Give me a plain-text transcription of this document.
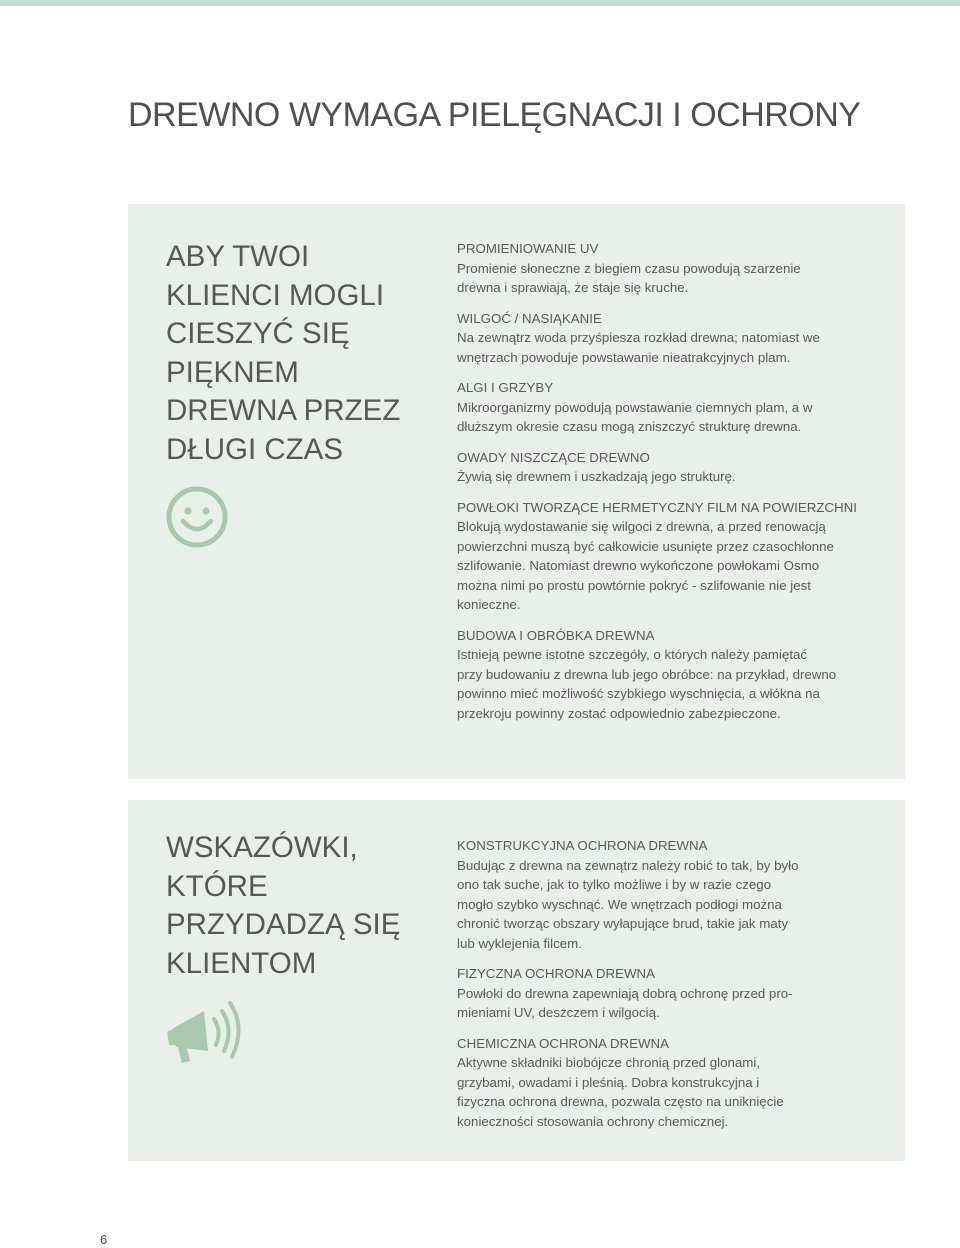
DREWNO WYMAGA PIELĘGNACJI I OCHRONY
ABY TWOI
KLIENCI MOGLI
CIESZYĆ SIĘ
PIĘKNEM
DREWNA PRZEZ
DŁUGI CZAS
PROMIENIOWANIE UV
Promienie słoneczne z biegiem czasu powodują szarzenie
drewna i sprawiają, że staje się kruche.
WILGOĆ / NASIĄKANIE
Na zewnątrz woda przyśpiesza rozkład drewna; natomiast we
wnętrzach powoduje powstawanie nieatrakcyjnych plam.
ALGI I GRZYBY
Mikroorganizmy powodują powstawanie ciemnych plam, a w
dłuższym okresie czasu mogą zniszczyć strukturę drewna.
OWADY NISZCZĄCE DREWNO
Żywią się drewnem i uszkadzają jego strukturę.
POWŁOKI TWORZĄCE HERMETYCZNY FILM NA POWIERZCHNI
Blokują wydostawanie się wilgoci z drewna, a przed renowacją
powierzchni muszą być całkowicie usunięte przez czasochłonne
szlifowanie. Natomiast drewno wykończone powłokami Osmo
można nimi po prostu powtórnie pokryć - szlifowanie nie jest
konieczne.
BUDOWA I OBRÓBKA DREWNA
Istnieją pewne istotne szczegóły, o których należy pamiętać
przy budowaniu z drewna lub jego obróbce: na przykład, drewno
powinno mieć możliwość szybkiego wyschnięcia, a włókna na
przekroju powinny zostać odpowiednio zabezpieczone.
WSKAZÓWKI,
KTÓRE
PRZYDADZĄ SIĘ
KLIENTOM
KONSTRUKCYJNA OCHRONA DREWNA
Budując z drewna na zewnątrz należy robić to tak, by było
ono tak suche, jak to tylko możliwe i by w razie czego
mogło szybko wyschnąć. We wnętrzach podłogi można
chronić tworząc obszary wyłapujące brud, takie jak maty
lub wyklejenia filcem.
FIZYCZNA OCHRONA DREWNA
Powłoki do drewna zapewniają dobrą ochronę przed pro-
mieniami UV, deszczem i wilgocią.
CHEMICZNA OCHRONA DREWNA
Aktywne składniki biobójcze chronią przed glonami,
grzybami, owadami i pleśnią. Dobra konstrukcyjna i
fizyczna ochrona drewna, pozwala często na uniknięcie
konieczności stosowania ochrony chemicznej.
6
